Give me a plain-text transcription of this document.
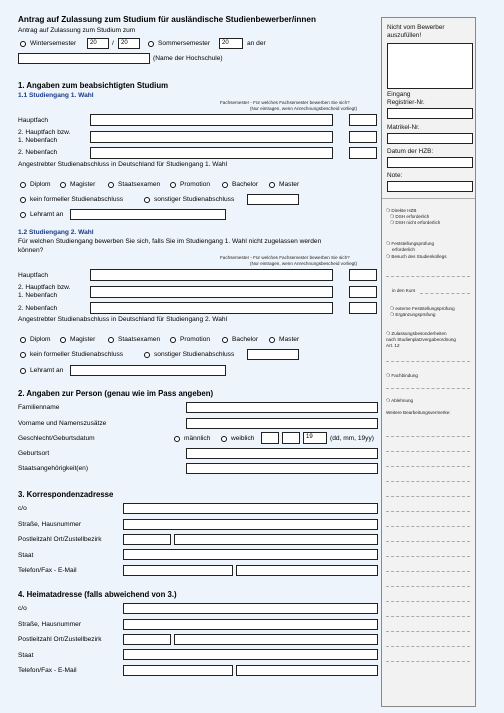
Antrag auf Zulassung zum Studium für ausländische Studienbewerber/innen
Antrag auf Zulassung zum Studium zum
Wintersemester	20	/	20	Sommersemester	20	an der
(Name der Hochschule)
1. Angaben zum beabsichtigten Studium
1.1 Studiengang 1. Wahl
Fachsemester - Für welches Fachsemester bewerben Sie sich?
(Nur eintragen, wenn Anrechnungsbescheid vorliegt)
Hauptfach
2. Hauptfach bzw.
1. Nebenfach
2. Nebenfach
Angestrebter Studienabschluss in Deutschland für Studiengang 1. Wahl
Diplom	Magister	Staatsexamen	Promotion	Bachelor	Master
kein formeller Studienabschluss	sonstiger Studienabschluss
Lehramt an
1.2 Studiengang 2. Wahl
Für welchen Studiengang bewerben Sie sich, falls Sie im Studiengang 1. Wahl nicht zugelassen werden
können?
Fachsemester - Für welches Fachsemester bewerben Sie sich?
(Nur eintragen, wenn Anrechnungsbescheid vorliegt)
Hauptfach
2. Hauptfach bzw.
1. Nebenfach
2. Nebenfach
Angestrebter Studienabschluss in Deutschland für Studiengang 2. Wahl
Diplom	Magister	Staatsexamen	Promotion	Bachelor	Master
kein formeller Studienabschluss	sonstiger Studienabschluss
Lehramt an
2. Angaben zur Person (genau wie im Pass angeben)
Familienname
Vorname und Namenszusätze
Geschlecht/Geburtsdatum	männlich	weiblich	19	(dd, mm, 19yy)
Geburtsort
Staatsangehörigkeit(en)
3. Korrespondenzadresse
c/o
Straße, Hausnummer
Postleitzahl Ort/Zustellbezirk
Staat
Telefon/Fax - E-Mail
4. Heimatadresse (falls abweichend von 3.)
c/o
Straße, Hausnummer
Postleitzahl Ort/Zustellbezirk
Staat
Telefon/Fax - E-Mail
Nicht vom Bewerber auszufüllen!
Eingang
Registrier-Nr.
Matrikel-Nr.
Datum der HZB:
Note:
❍ Direkte HZB
❍ DSH erforderlich
❍ DSH nicht erforderlich
❍ Feststellungsprüfung
erforderlich
❍ Besuch des Studienkollegs
in den Kurs
❍ externe Feststellungsprüfung
❍ Ergänzungsprüfung
❍ Zulassungsbesonderheiten
nach Studienplatzvergabeordnung
Art. 12
❍ Fachbindung
❍ Ablehnung
Weitere Bearbeitungsvermerke:
